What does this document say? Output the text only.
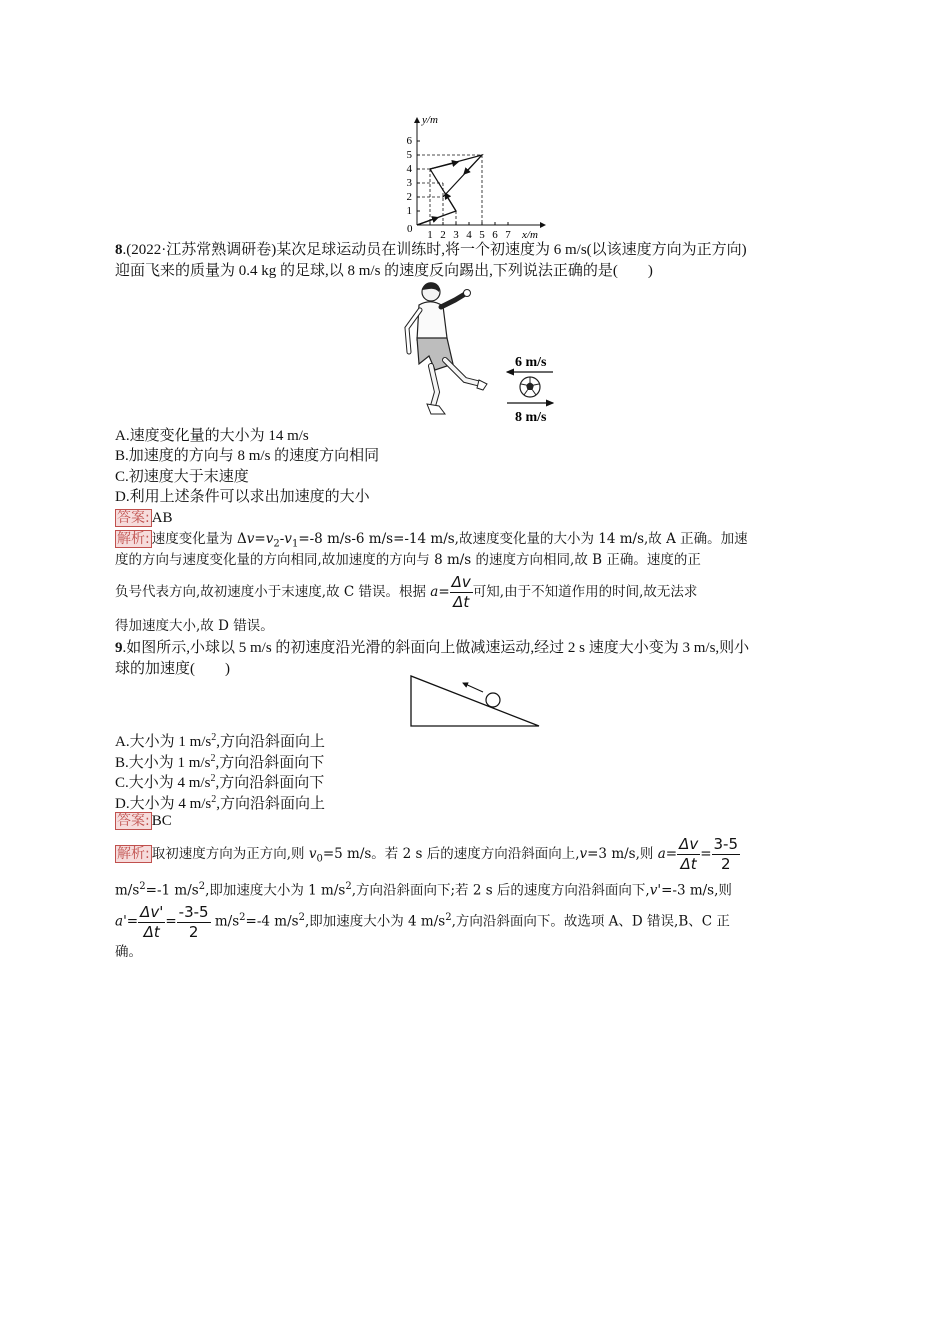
y/m
x/m
0
1
2
3
4
5
6
1 2 3 4 5 6 7
8.(2022·江苏常熟调研卷)某次足球运动员在训练时,将一个初速度为 6 m/s(以该速度方向为正方向)
迎面飞来的质量为 0.4 kg 的足球,以 8 m/s 的速度反向踢出,下列说法正确的是(　　)
6 m/s
8 m/s
A.速度变化量的大小为 14 m/s
B.加速度的方向与 8 m/s 的速度方向相同
C.初速度大于末速度
D.利用上述条件可以求出加速度的大小
答案: AB
解析: 速度变化量为 $\Delta v=v_2-v_1=-8$ m/s-6 m/s=-14 m/s,故速度变化量的大小为 14 m/s,故 A 正确。加速
度的方向与速度变化量的方向相同,故加速度的方向与 8 m/s 的速度方向相同,故 B 正确。速度的正
负号代表方向,故初速度小于末速度,故 C 错误。根据 $a= \frac{\Delta v}{\Delta t}$ 可知,由于不知道作用的时间,故无法求
得加速度大小,故 D 错误。
9.如图所示,小球以 5 m/s 的初速度沿光滑的斜面向上做减速运动,经过 2 s 速度大小变为 3 m/s,则小
球的加速度(　　)
A.大小为 1 $m/s^2$,方向沿斜面向上
B.大小为 1 $m/s^2$,方向沿斜面向下
C.大小为 4 $m/s^2$,方向沿斜面向下
D.大小为 4 $m/s^2$,方向沿斜面向上
答案: BC
解析: 取初速度方向为正方向,则 $v_0=5$ m/s。若 2 s 后的速度方向沿斜面向上,v=3 m/s,则 $a= \frac{\Delta v}{\Delta t} = \frac{3-5}{2}$
$m/s^2=-1$ $m/s^2$,即加速度大小为 1 $m/s^2$,方向沿斜面向下;若 2 s 后的速度方向沿斜面向下,v'=-3 m/s,则
$a'= \frac{\Delta v'}{\Delta t} = \frac{-3-5}{2} m/s^2=-4$ $m/s^2$,即加速度大小为 4 $m/s^2$,方向沿斜面向下。故选项 A、D 错误,B、C 正
确。
